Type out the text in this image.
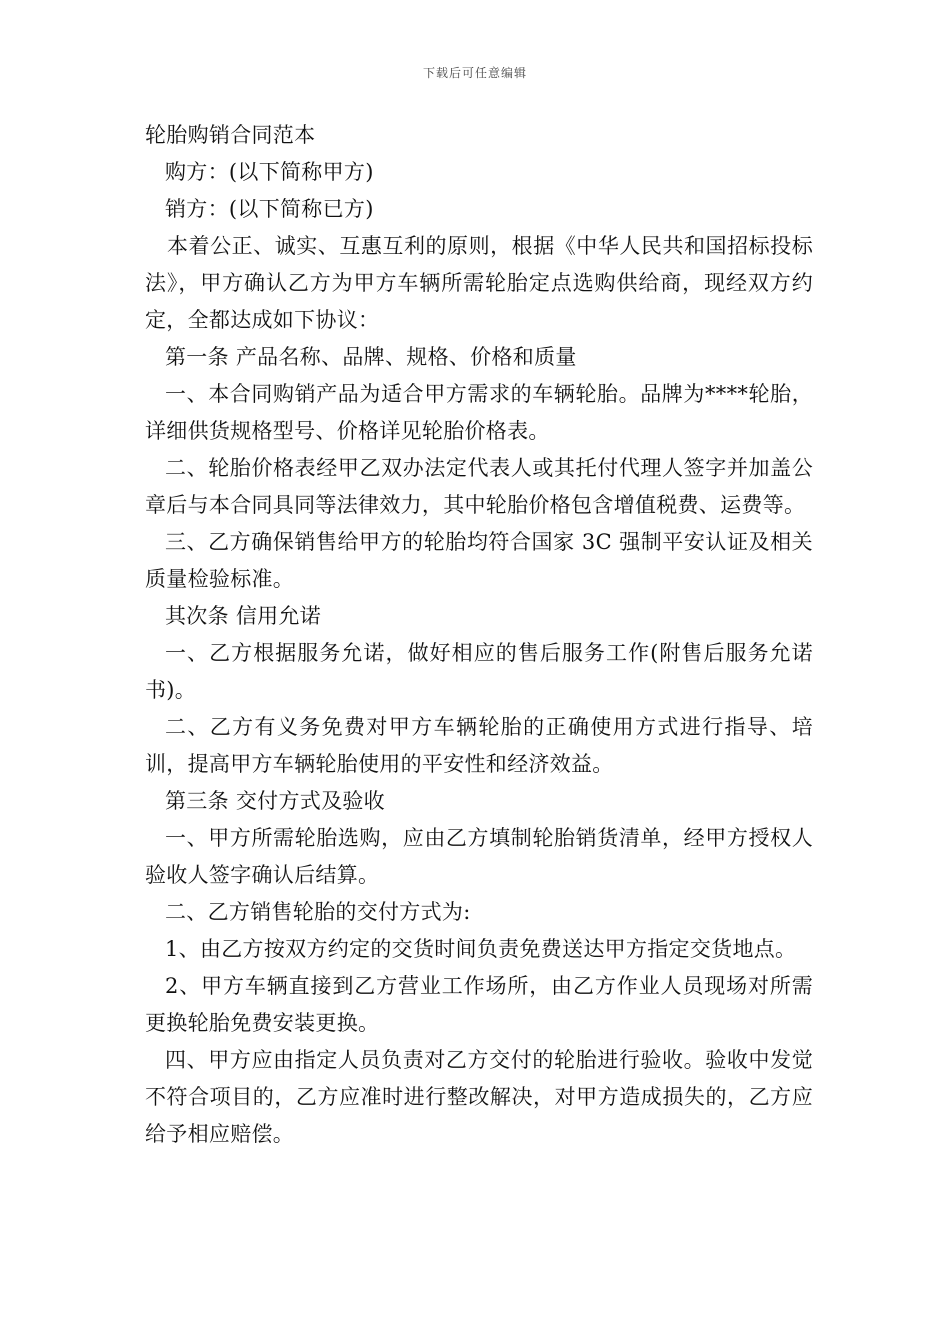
下载后可任意编辑

轮胎购销合同范本

购方：(以下简称甲方)

销方：(以下简称已方)

本着公正、诚实、互惠互利的原则，根据《中华人民共和国招标投标法》，甲方确认乙方为甲方车辆所需轮胎定点选购供给商，现经双方约定，全都达成如下协议：

第一条 产品名称、品牌、规格、价格和质量

一、本合同购销产品为适合甲方需求的车辆轮胎。品牌为****轮胎，详细供货规格型号、价格详见轮胎价格表。

二、轮胎价格表经甲乙双办法定代表人或其托付代理人签字并加盖公章后与本合同具同等法律效力，其中轮胎价格包含增值税费、运费等。

三、乙方确保销售给甲方的轮胎均符合国家 3C 强制平安认证及相关质量检验标准。

其次条 信用允诺

一、乙方根据服务允诺，做好相应的售后服务工作(附售后服务允诺书)。

二、乙方有义务免费对甲方车辆轮胎的正确使用方式进行指导、培训，提高甲方车辆轮胎使用的平安性和经济效益。

第三条 交付方式及验收

一、甲方所需轮胎选购，应由乙方填制轮胎销货清单，经甲方授权人验收人签字确认后结算。

二、乙方销售轮胎的交付方式为:

1、由乙方按双方约定的交货时间负责免费送达甲方指定交货地点。

2、甲方车辆直接到乙方营业工作场所，由乙方作业人员现场对所需更换轮胎免费安装更换。

四、甲方应由指定人员负责对乙方交付的轮胎进行验收。验收中发觉不符合项目的，乙方应准时进行整改解决，对甲方造成损失的，乙方应给予相应赔偿。
